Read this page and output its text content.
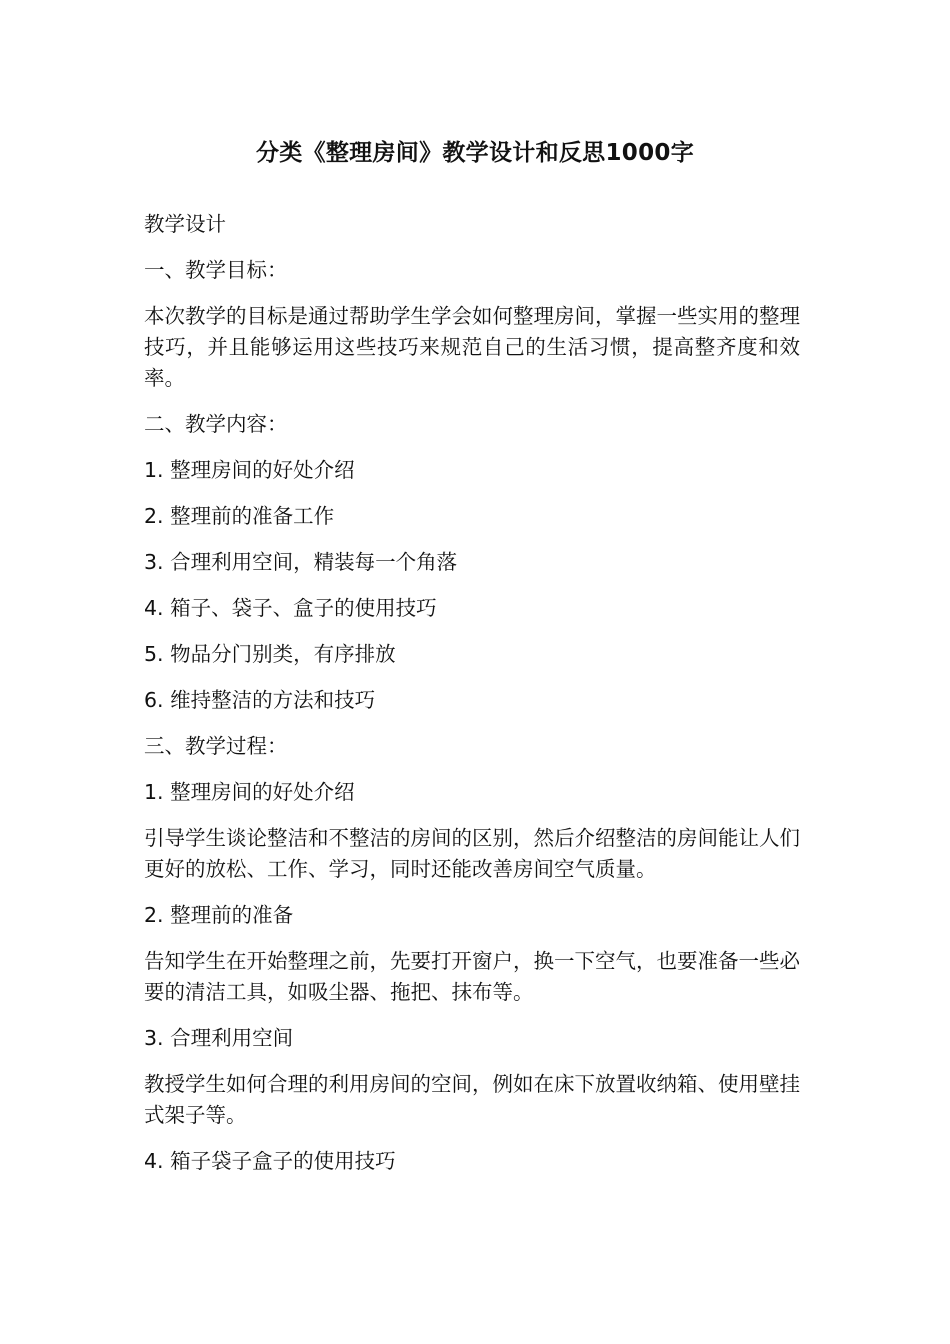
分类《整理房间》教学设计和反思1000字

教学设计

一、教学目标：

本次教学的目标是通过帮助学生学会如何整理房间，掌握一些实用的整理技巧，并且能够运用这些技巧来规范自己的生活习惯，提高整齐度和效率。

二、教学内容：

1. 整理房间的好处介绍

2. 整理前的准备工作

3. 合理利用空间，精装每一个角落

4. 箱子、袋子、盒子的使用技巧

5. 物品分门别类，有序排放

6. 维持整洁的方法和技巧

三、教学过程：

1. 整理房间的好处介绍

引导学生谈论整洁和不整洁的房间的区别，然后介绍整洁的房间能让人们更好的放松、工作、学习，同时还能改善房间空气质量。

2. 整理前的准备

告知学生在开始整理之前，先要打开窗户，换一下空气，也要准备一些必要的清洁工具，如吸尘器、拖把、抹布等。

3. 合理利用空间

教授学生如何合理的利用房间的空间，例如在床下放置收纳箱、使用壁挂式架子等。

4. 箱子袋子盒子的使用技巧
